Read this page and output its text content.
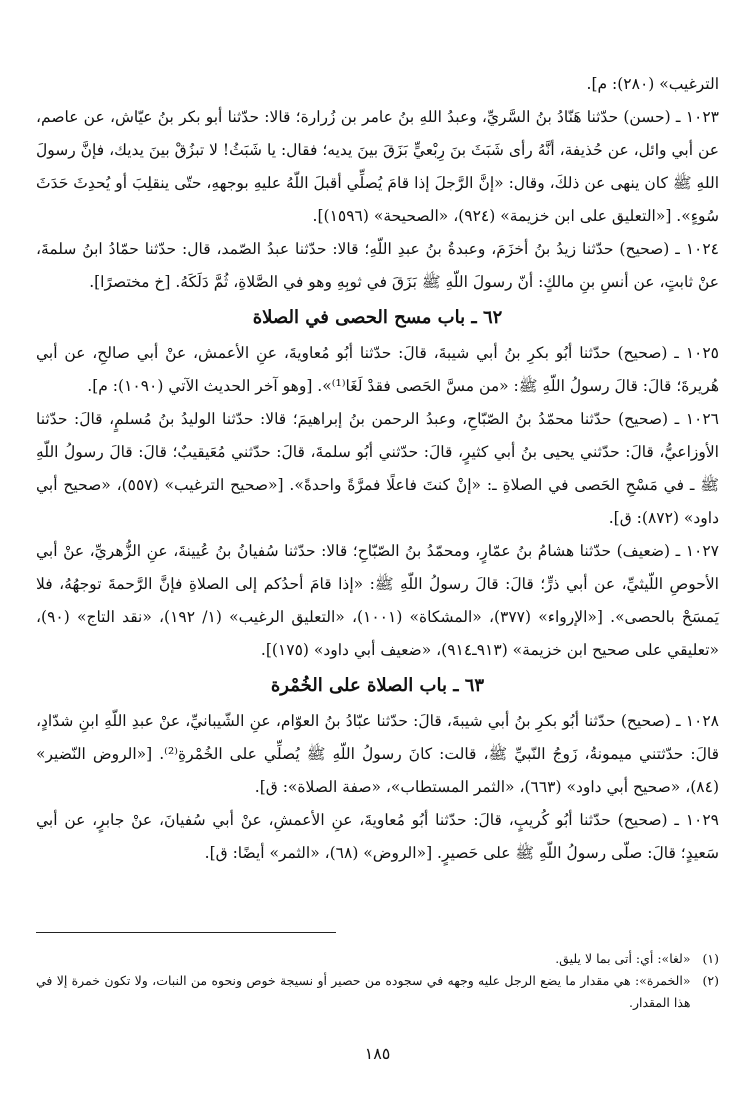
الترغيب» (٢٨٠): م].

١٠٢٣ ـ (حسن) حدّثنا هَنّادُ بنُ السَّريِّ، وعبدُ اللهِ بنُ عامر بن زُرارة؛ قالا: حدّثنا أبو بكر بنُ عيّاش، عن عاصم، عن أبي وائل، عن حُذيفة، أنَّهُ رأى شَبَثَ بنَ رِبْعيٍّ بَزَقَ بينَ يديه؛ فقال: يا شَبَثُ! لا تبزُقْ بينَ يديك، فإنَّ رسولَ اللهِ ﷺ كان ينهى عن ذلكَ، وقال: «إنَّ الرَّجلَ إذا قامَ يُصلِّي أقبلَ اللّهُ عليهِ بوجههِ، حتّى ينقلِبَ أو يُحدِثَ حَدَثَ سُوءٍ». [«التعليق على ابن خزيمة» (٩٢٤)، «الصحيحة» (١٥٩٦)].

١٠٢٤ ـ (صحيح) حدّثنا زيدُ بنُ أخزَمَ، وعبدةُ بنُ عبدِ اللّهِ؛ قالا: حدّثنا عبدُ الصّمد، قال: حدّثنا حمّادُ ابنُ سلمةَ، عنْ ثابتٍ، عن أنسِ بنِ مالكٍ: أنّ رسولَ اللّهِ ﷺ بَزَقَ في ثوبِهِ وهو في الصَّلاةِ، ثُمَّ دَلَكَهُ. [خ مختصرًا].

٦٢ ـ باب مسح الحصى في الصلاة

١٠٢٥ ـ (صحيح) حدّثنا أبُو بكرِ بنُ أبي شيبةَ، قالَ: حدّثنا أبُو مُعاويةَ، عنِ الأعمش، عنْ أبي صالحِ، عن أبي هُريرةَ؛ قالَ: قالَ رسولُ اللّهِ ﷺ: «من مسَّ الحَصى فقدْ لَغَا⁽¹⁾». [وهو آخر الحديث الآتي (١٠٩٠): م].

١٠٢٦ ـ (صحيح) حدّثنا محمّدُ بنُ الصّبّاحِ، وعبدُ الرحمن بنُ إبراهيمَ؛ قالا: حدّثنا الوليدُ بنُ مُسلمٍ، قالَ: حدّثنا الأوزاعيُّ، قالَ: حدّثني يحيى بنُ أبي كثيرٍ، قالَ: حدّثني أبُو سلمةَ، قالَ: حدّثني مُعَيقيبٌ؛ قالَ: قالَ رسولُ اللّهِ ﷺ ـ في مَسْحِ الحَصى في الصلاةِ ـ: «إنْ كنتَ فاعلًا فمرَّةً واحدةً». [«صحيح الترغيب» (٥٥٧)، «صحيح أبي داود» (٨٧٢): ق].

١٠٢٧ ـ (ضعيف) حدّثنا هشامُ بنُ عمّارٍ، ومحمّدُ بنُ الصّبّاحِ؛ قالا: حدّثنا سُفيانُ بنُ عُيينةَ، عنِ الزُّهريِّ، عنْ أبي الأحوصِ اللّيثيِّ، عن أبي ذرٍّ؛ قالَ: قالَ رسولُ اللّهِ ﷺ: «إذا قامَ أحدُكم إلى الصلاةِ فإنَّ الرَّحمةَ توجهُهُ، فلا يَمسَحْ بالحصى». [«الإرواء» (٣٧٧)، «المشكاة» (١٠٠١)، «التعليق الرغيب» (١/ ١٩٢)، «نقد التاج» (٩٠)، «تعليقي على صحيح ابن خزيمة» (٩١٣ـ٩١٤)، «ضعيف أبي داود» (١٧٥)].

٦٣ ـ باب الصلاة على الخُمْرة

١٠٢٨ ـ (صحيح) حدّثنا أبُو بكرِ بنُ أبي شيبةَ، قالَ: حدّثنا عبّادُ بنُ العوّام، عنِ الشّيبانيِّ، عنْ عبدِ اللّهِ ابنِ شدّادٍ، قالَ: حدّثتني ميمونةُ، زَوجُ النّبيِّ ﷺ، قالت: كانَ رسولُ اللّهِ ﷺ يُصلِّي على الخُمْرةِ⁽²⁾. [«الروض النّضير» (٨٤)، «صحيح أبي داود» (٦٦٣)، «الثمر المستطاب»، «صفة الصلاة»: ق].

١٠٢٩ ـ (صحيح) حدّثنا أبُو كُريبٍ، قالَ: حدّثنا أبُو مُعاويةَ، عنِ الأعمشِ، عنْ أبي سُفيانَ، عنْ جابرٍ، عن أبي سَعيدٍ؛ قالَ: صلّى رسولُ اللّهِ ﷺ على حَصيرٍ. [«الروض» (٦٨)، «الثمر» أيضًا: ق].

(١)
«لغا»: أي: أتى بما لا يليق.
(٢)
«الخمرة»: هي مقدار ما يضع الرجل عليه وجهه في سجوده من حصير أو نسيجة خوص ونحوه من النبات، ولا تكون خمرة إلا في هذا المقدار.
١٨٥
